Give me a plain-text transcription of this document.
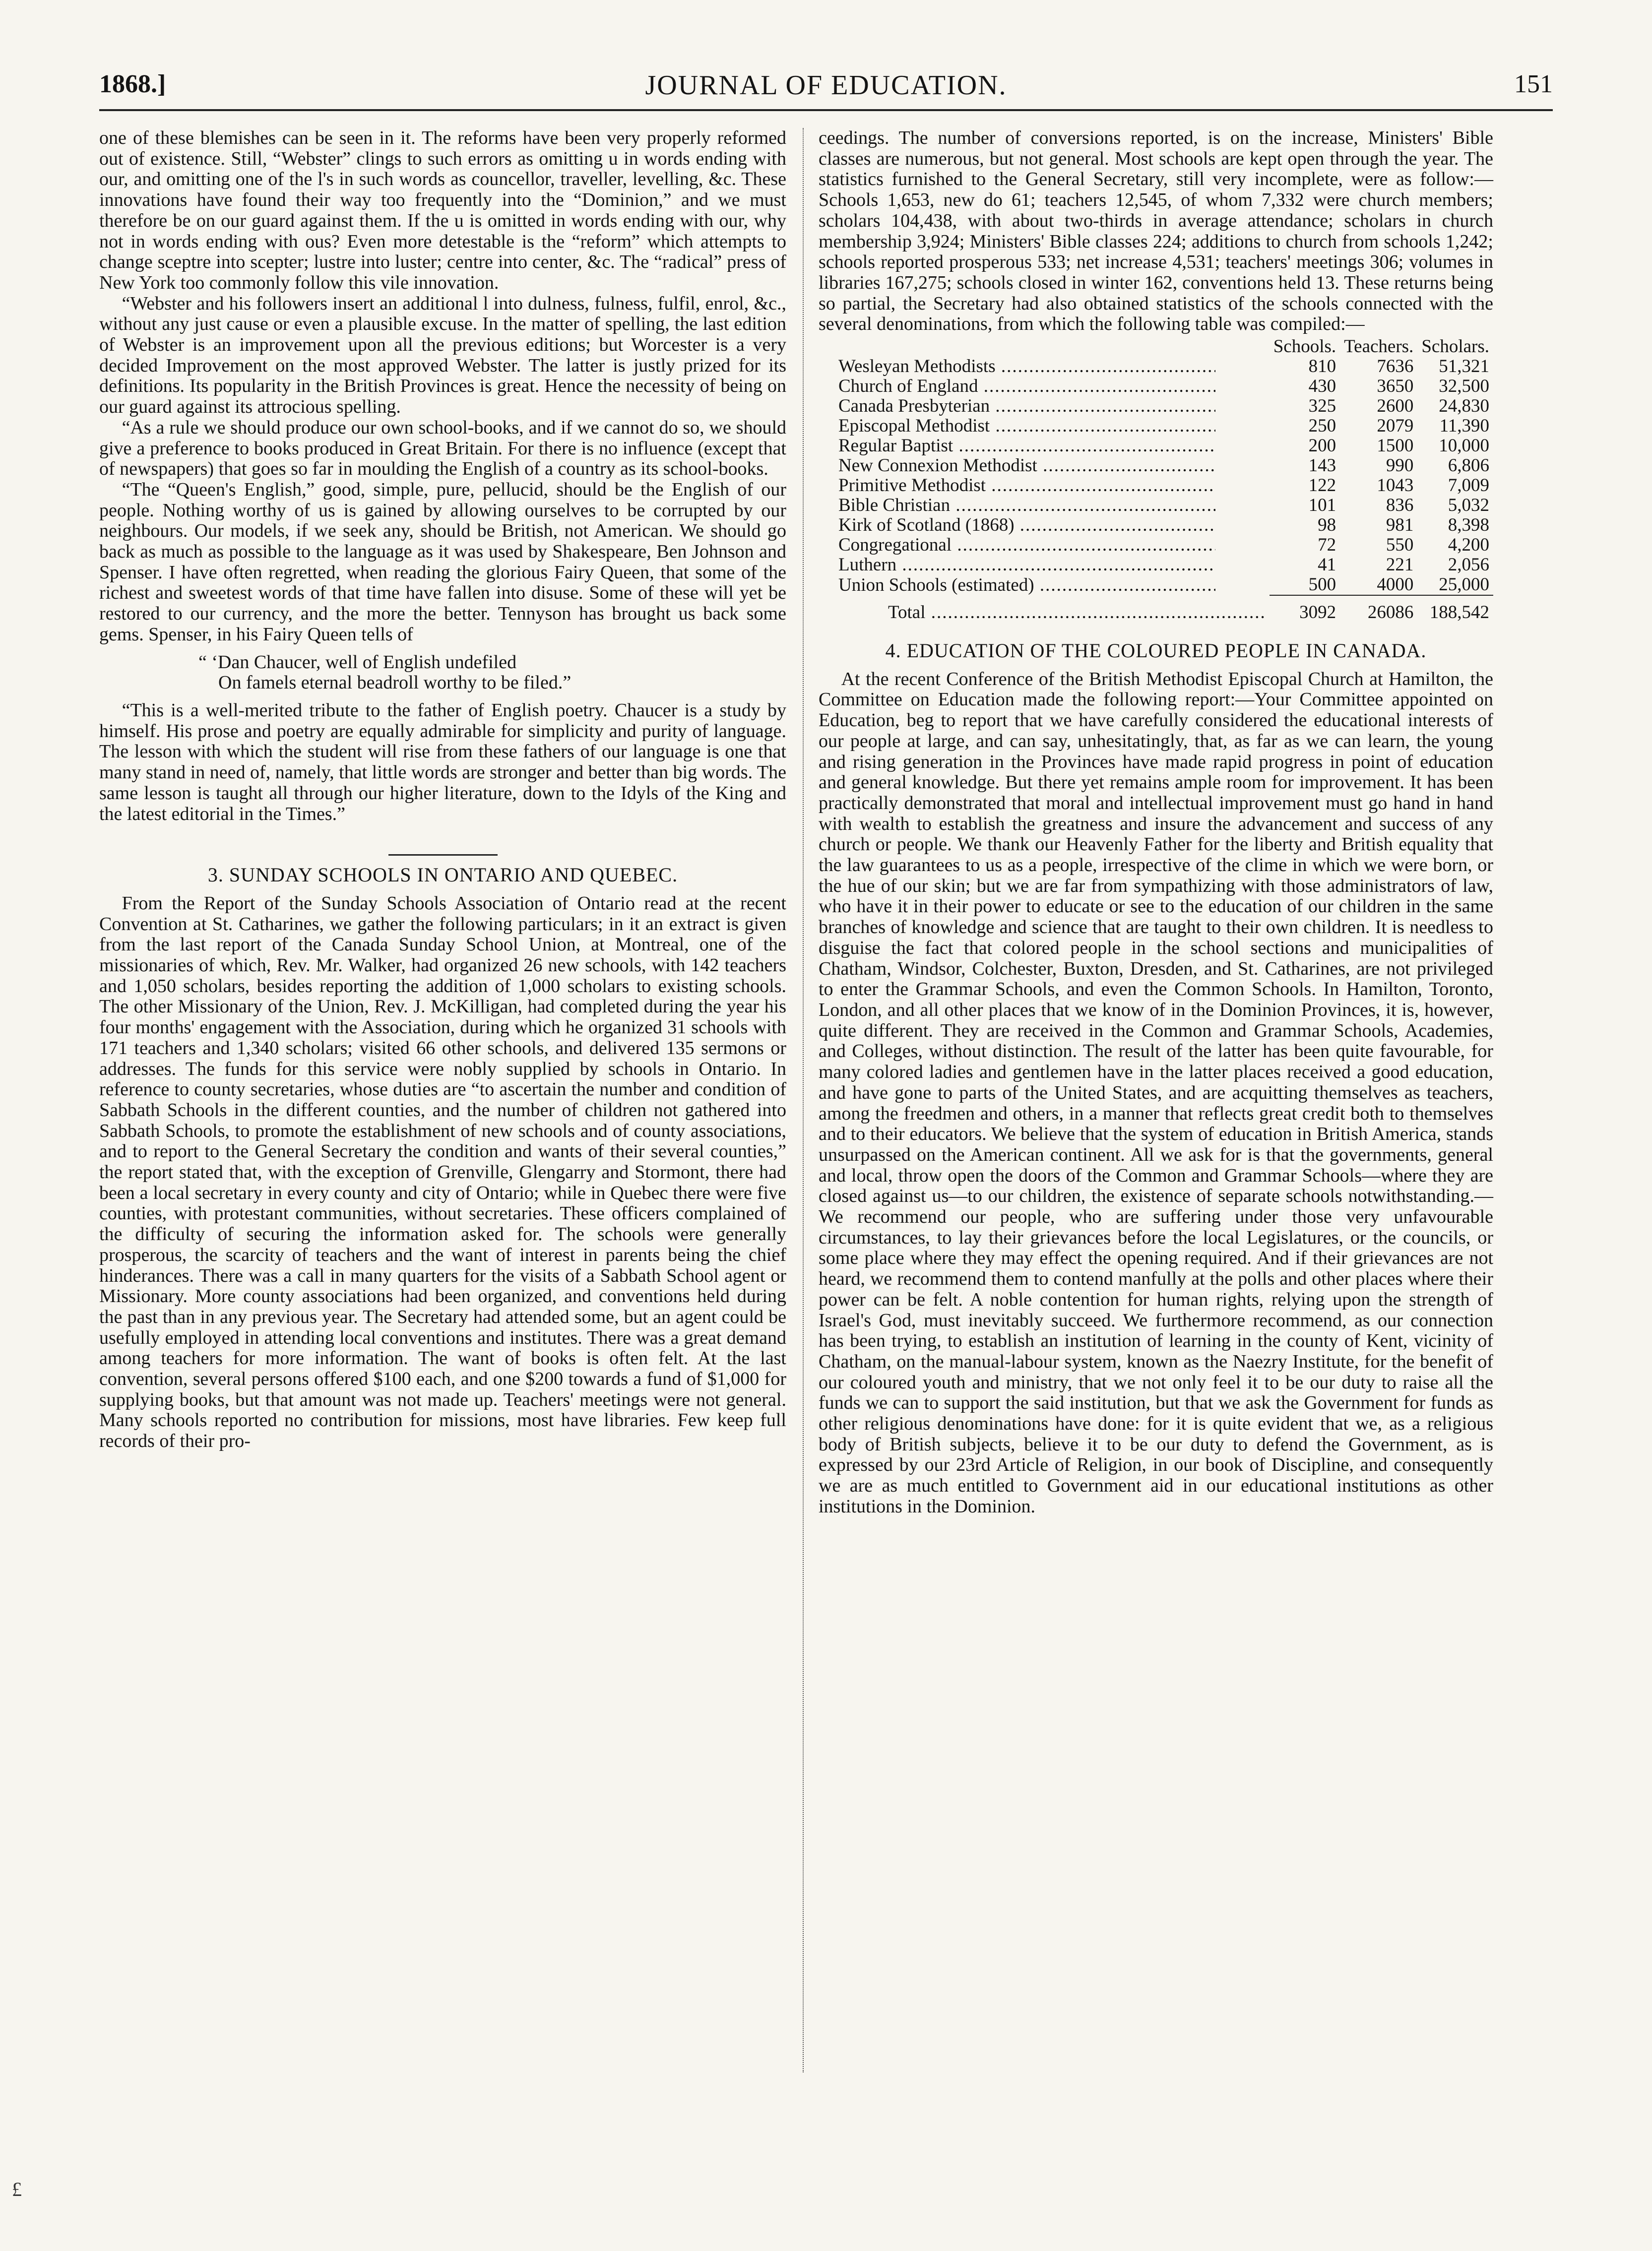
1868.]	JOURNAL OF EDUCATION.	151

one of these blemishes can be seen in it. The reforms have been very properly reformed out of existence. Still, “Webster” clings to such errors as omitting u in words ending with our, and omitting one of the l's in such words as councellor, traveller, levelling, &c. These innovations have found their way too frequently into the “Dominion,” and we must therefore be on our guard against them. If the u is omitted in words ending with our, why not in words ending with ous? Even more detestable is the “reform” which attempts to change sceptre into scepter; lustre into luster; centre into center, &c. The “radical” press of New York too commonly follow this vile innovation.

“Webster and his followers insert an additional l into dulness, fulness, fulfil, enrol, &c., without any just cause or even a plausible excuse. In the matter of spelling, the last edition of Webster is an improvement upon all the previous editions; but Worcester is a very decided Improvement on the most approved Webster. The latter is justly prized for its definitions. Its popularity in the British Provinces is great. Hence the necessity of being on our guard against its attrocious spelling.

“As a rule we should produce our own school-books, and if we cannot do so, we should give a preference to books produced in Great Britain. For there is no influence (except that of newspapers) that goes so far in moulding the English of a country as its school-books.

“The “Queen's English,” good, simple, pure, pellucid, should be the English of our people. Nothing worthy of us is gained by allowing ourselves to be corrupted by our neighbours. Our models, if we seek any, should be British, not American. We should go back as much as possible to the language as it was used by Shakespeare, Ben Johnson and Spenser. I have often regretted, when reading the glorious Fairy Queen, that some of the richest and sweetest words of that time have fallen into disuse. Some of these will yet be restored to our currency, and the more the better. Tennyson has brought us back some gems. Spenser, in his Fairy Queen tells of

“ ‘Dan Chaucer, well of English undefiled
On famels eternal beadroll worthy to be filed.”

“This is a well-merited tribute to the father of English poetry. Chaucer is a study by himself. His prose and poetry are equally admirable for simplicity and purity of language. The lesson with which the student will rise from these fathers of our language is one that many stand in need of, namely, that little words are stronger and better than big words. The same lesson is taught all through our higher literature, down to the Idyls of the King and the latest editorial in the Times.”

3. SUNDAY SCHOOLS IN ONTARIO AND QUEBEC.

From the Report of the Sunday Schools Association of Ontario read at the recent Convention at St. Catharines, we gather the following particulars; in it an extract is given from the last report of the Canada Sunday School Union, at Montreal, one of the missionaries of which, Rev. Mr. Walker, had organized 26 new schools, with 142 teachers and 1,050 scholars, besides reporting the addition of 1,000 scholars to existing schools. The other Missionary of the Union, Rev. J. McKilligan, had completed during the year his four months' engagement with the Association, during which he organized 31 schools with 171 teachers and 1,340 scholars; visited 66 other schools, and delivered 135 sermons or addresses. The funds for this service were nobly supplied by schools in Ontario. In reference to county secretaries, whose duties are “to ascertain the number and condition of Sabbath Schools in the different counties, and the number of children not gathered into Sabbath Schools, to promote the establishment of new schools and of county associations, and to report to the General Secretary the condition and wants of their several counties,” the report stated that, with the exception of Grenville, Glengarry and Stormont, there had been a local secretary in every county and city of Ontario; while in Quebec there were five counties, with protestant communities, without secretaries. These officers complained of the difficulty of securing the information asked for. The schools were generally prosperous, the scarcity of teachers and the want of interest in parents being the chief hinderances. There was a call in many quarters for the visits of a Sabbath School agent or Missionary. More county associations had been organized, and conventions held during the past than in any previous year. The Secretary had attended some, but an agent could be usefully employed in attending local conventions and institutes. There was a great demand among teachers for more information. The want of books is often felt. At the last convention, several persons offered $100 each, and one $200 towards a fund of $1,000 for supplying books, but that amount was not made up. Teachers' meetings were not general. Many schools reported no contribution for missions, most have libraries. Few keep full records of their pro-

ceedings. The number of conversions reported, is on the increase, Ministers' Bible classes are numerous, but not general. Most schools are kept open through the year. The statistics furnished to the General Secretary, still very incomplete, were as follow:— Schools 1,653, new do 61; teachers 12,545, of whom 7,332 were church members; scholars 104,438, with about two-thirds in average attendance; scholars in church membership 3,924; Ministers' Bible classes 224; additions to church from schools 1,242; schools reported prosperous 533; net increase 4,531; teachers' meetings 306; volumes in libraries 167,275; schools closed in winter 162, conventions held 13. These returns being so partial, the Secretary had also obtained statistics of the schools connected with the several denominations, from which the following table was compiled:—

	Schools.	Teachers.	Scholars.

Wesleyan Methodists .....	810	7636	51,321

Church of England .....	430	3650	32,500

Canada Presbyterian .....	325	2600	24,830

Episcopal Methodist .....	250	2079	11,390

Regular Baptist .....	200	1500	10,000

New Connexion Methodist .....	143	990	6,806

Primitive Methodist .....	122	1043	7,009

Bible Christian .....	101	836	5,032

Kirk of Scotland (1868) .....	98	981	8,398

Congregational .....	72	550	4,200

Luthern .....	41	221	2,056

Union Schools (estimated) .....	500	4000	25,000

Total .....	3092	26086	188,542
4. EDUCATION OF THE COLOURED PEOPLE IN CANADA.

At the recent Conference of the British Methodist Episcopal Church at Hamilton, the Committee on Education made the following report:—Your Committee appointed on Education, beg to report that we have carefully considered the educational interests of our people at large, and can say, unhesitatingly, that, as far as we can learn, the young and rising generation in the Provinces have made rapid progress in point of education and general knowledge. But there yet remains ample room for improvement. It has been practically demonstrated that moral and intellectual improvement must go hand in hand with wealth to establish the greatness and insure the advancement and success of any church or people. We thank our Heavenly Father for the liberty and British equality that the law guarantees to us as a people, irrespective of the clime in which we were born, or the hue of our skin; but we are far from sympathizing with those administrators of law, who have it in their power to educate or see to the education of our children in the same branches of knowledge and science that are taught to their own children. It is needless to disguise the fact that colored people in the school sections and municipalities of Chatham, Windsor, Colchester, Buxton, Dresden, and St. Catharines, are not privileged to enter the Grammar Schools, and even the Common Schools. In Hamilton, Toronto, London, and all other places that we know of in the Dominion Provinces, it is, however, quite different. They are received in the Common and Grammar Schools, Academies, and Colleges, without distinction. The result of the latter has been quite favourable, for many colored ladies and gentlemen have in the latter places received a good education, and have gone to parts of the United States, and are acquitting themselves as teachers, among the freedmen and others, in a manner that reflects great credit both to themselves and to their educators. We believe that the system of education in British America, stands unsurpassed on the American continent. All we ask for is that the governments, general and local, throw open the doors of the Common and Grammar Schools—where they are closed against us—to our children, the existence of separate schools notwithstanding.—We recommend our people, who are suffering under those very unfavourable circumstances, to lay their grievances before the local Legislatures, or the councils, or some place where they may effect the opening required. And if their grievances are not heard, we recommend them to contend manfully at the polls and other places where their power can be felt. A noble contention for human rights, relying upon the strength of Israel's God, must inevitably succeed. We furthermore recommend, as our connection has been trying, to establish an institution of learning in the county of Kent, vicinity of Chatham, on the manual-labour system, known as the Naezry Institute, for the benefit of our coloured youth and ministry, that we not only feel it to be our duty to raise all the funds we can to support the said institution, but that we ask the Government for funds as other religious denominations have done: for it is quite evident that we, as a religious body of British subjects, believe it to be our duty to defend the Government, as is expressed by our 23rd Article of Religion, in our book of Discipline, and consequently we are as much entitled to Government aid in our educational institutions as other institutions in the Dominion.

£
